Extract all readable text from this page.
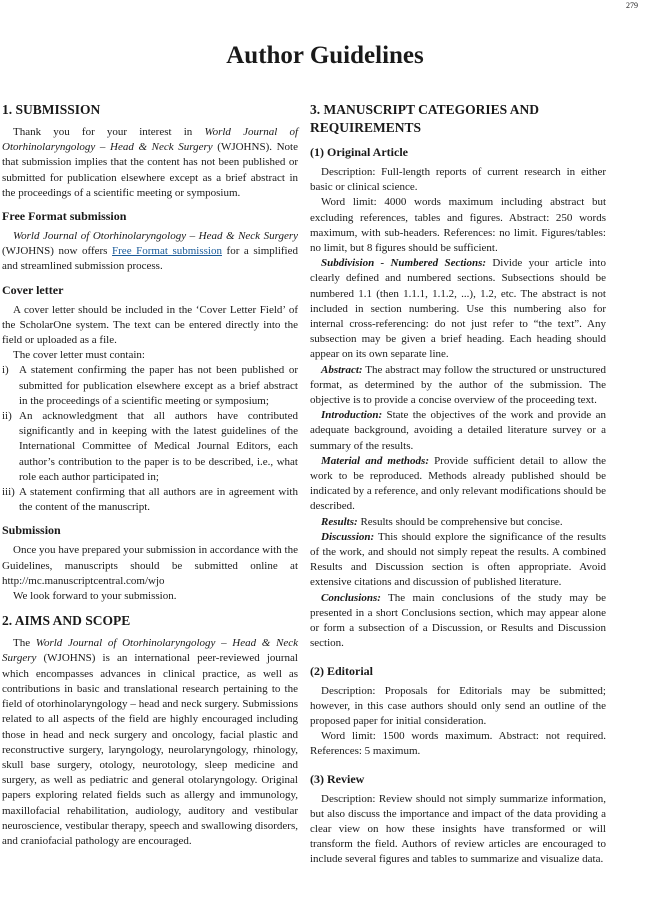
279
Author Guidelines
1. SUBMISSION

Thank you for your interest in World Journal of Otorhinolaryngology – Head & Neck Surgery (WJOHNS). Note that submission implies that the content has not been published or submitted for publication elsewhere except as a brief abstract in the proceedings of a scientific meeting or symposium.

Free Format submission

World Journal of Otorhinolaryngology – Head & Neck Surgery (WJOHNS) now offers Free Format submission for a simplified and streamlined submission process.

Cover letter

A cover letter should be included in the ‘Cover Letter Field’ of the ScholarOne system. The text can be entered directly into the field or uploaded as a file.

The cover letter must contain:

i) A statement confirming the paper has not been published or submitted for publication elsewhere except as a brief abstract in the proceedings of a scientific meeting or symposium;
ii) An acknowledgment that all authors have contributed significantly and in keeping with the latest guidelines of the International Committee of Medical Journal Editors, each author’s contribution to the paper is to be described, i.e., what role each author participated in;
iii) A statement confirming that all authors are in agreement with the content of the manuscript.
Submission

Once you have prepared your submission in accordance with the Guidelines, manuscripts should be submitted online at http://mc.manuscriptcentral.com/wjo

We look forward to your submission.

2. AIMS AND SCOPE

The World Journal of Otorhinolaryngology – Head & Neck Surgery (WJOHNS) is an international peer-reviewed journal which encompasses advances in clinical practice, as well as contributions in basic and translational research pertaining to the field of otorhinolaryngology – head and neck surgery. Submissions related to all aspects of the field are highly encouraged including those in head and neck surgery and oncology, facial plastic and reconstructive surgery, laryngology, neurolaryngology, rhinology, skull base surgery, otology, neurotology, sleep medicine and surgery, as well as pediatric and general otolaryngology. Original papers exploring related fields such as allergy and immunology, maxillofacial rehabilitation, audiology, auditory and vestibular neuroscience, vestibular therapy, speech and swallowing disorders, and craniofacial pathology are encouraged.

3. MANUSCRIPT CATEGORIES AND REQUIREMENTS
(1) Original Article

Description: Full-length reports of current research in either basic or clinical science.

Word limit: 4000 words maximum including abstract but excluding references, tables and figures. Abstract: 250 words maximum, with sub-headers. References: no limit. Figures/tables: no limit, but 8 figures should be sufficient.

Subdivision - Numbered Sections: Divide your article into clearly defined and numbered sections. Subsections should be numbered 1.1 (then 1.1.1, 1.1.2, ...), 1.2, etc. The abstract is not included in section numbering. Use this numbering also for internal cross-referencing: do not just refer to “the text”. Any subsection may be given a brief heading. Each heading should appear on its own separate line.

Abstract: The abstract may follow the structured or unstructured format, as determined by the author of the submission. The objective is to provide a concise overview of the proceeding text.

Introduction: State the objectives of the work and provide an adequate background, avoiding a detailed literature survey or a summary of the results.

Material and methods: Provide sufficient detail to allow the work to be reproduced. Methods already published should be indicated by a reference, and only relevant modifications should be described.

Results: Results should be comprehensive but concise.

Discussion: This should explore the significance of the results of the work, and should not simply repeat the results. A combined Results and Discussion section is often appropriate. Avoid extensive citations and discussion of published literature.

Conclusions: The main conclusions of the study may be presented in a short Conclusions section, which may appear alone or form a subsection of a Discussion, or Results and Discussion section.

(2) Editorial

Description: Proposals for Editorials may be submitted; however, in this case authors should only send an outline of the proposed paper for initial consideration.

Word limit: 1500 words maximum. Abstract: not required. References: 5 maximum.

(3) Review

Description: Review should not simply summarize information, but also discuss the importance and impact of the data providing a clear view on how these insights have transformed or will transform the field. Authors of review articles are encouraged to include several figures and tables to summarize and visualize data.
